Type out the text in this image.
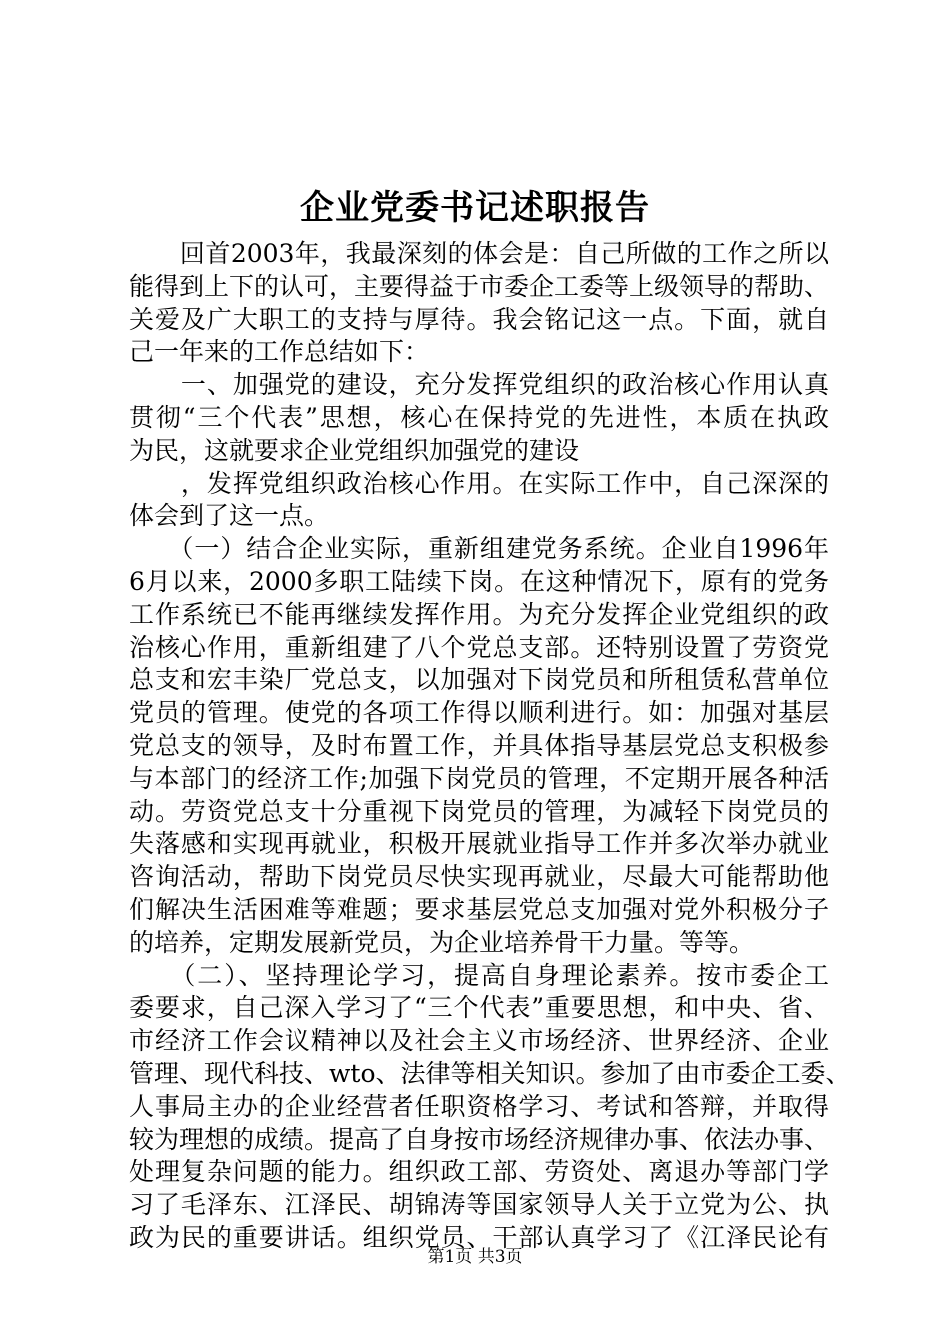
企业党委书记述职报告
　　回首2003年，我最深刻的体会是：自己所做的工作之所以
能得到上下的认可，主要得益于市委企工委等上级领导的帮助、
关爱及广大职工的支持与厚待。我会铭记这一点。下面，就自
己一年来的工作总结如下：
　　一、加强党的建设，充分发挥党组织的政治核心作用认真
贯彻“三个代表”思想，核心在保持党的先进性，本质在执政
为民，这就要求企业党组织加强党的建设
　　，发挥党组织政治核心作用。在实际工作中，自己深深的
体会到了这一点。
　　（一）结合企业实际，重新组建党务系统。企业自1996年
6月以来，2000多职工陆续下岗。在这种情况下，原有的党务
工作系统已不能再继续发挥作用。为充分发挥企业党组织的政
治核心作用，重新组建了八个党总支部。还特别设置了劳资党
总支和宏丰染厂党总支，以加强对下岗党员和所租赁私营单位
党员的管理。使党的各项工作得以顺利进行。如：加强对基层
党总支的领导，及时布置工作，并具体指导基层党总支积极参
与本部门的经济工作;加强下岗党员的管理，不定期开展各种活
动。劳资党总支十分重视下岗党员的管理，为减轻下岗党员的
失落感和实现再就业，积极开展就业指导工作并多次举办就业
咨询活动，帮助下岗党员尽快实现再就业，尽最大可能帮助他
们解决生活困难等难题；要求基层党总支加强对党外积极分子
的培养，定期发展新党员，为企业培养骨干力量。等等。
　　（二）、坚持理论学习，提高自身理论素养。按市委企工
委要求，自己深入学习了“三个代表”重要思想，和中央、省、
市经济工作会议精神以及社会主义市场经济、世界经济、企业
管理、现代科技、wto、法律等相关知识。参加了由市委企工委、
人事局主办的企业经营者任职资格学习、考试和答辩，并取得
较为理想的成绩。提高了自身按市场经济规律办事、依法办事、
处理复杂问题的能力。组织政工部、劳资处、离退办等部门学
习了毛泽东、江泽民、胡锦涛等国家领导人关于立党为公、执
政为民的重要讲话。组织党员、干部认真学习了《江泽民论有
第1页 共3页
